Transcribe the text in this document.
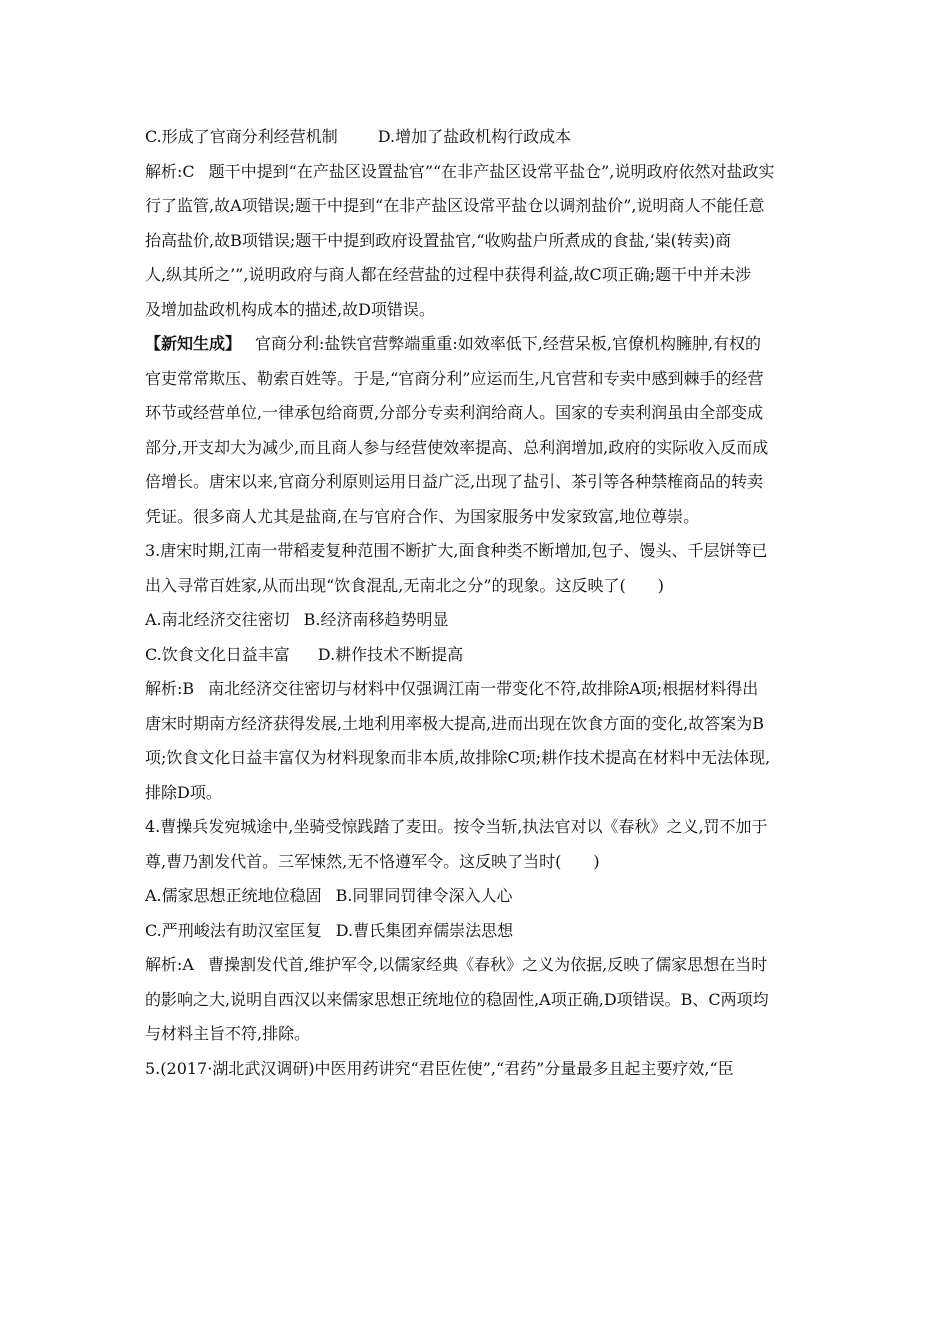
C.形成了官商分利经营机制	D.增加了盐政机构行政成本
解析:C 题干中提到“在产盐区设置盐官”“在非产盐区设常平盐仓”,说明政府依然对盐政实
行了监管,故A项错误;题干中提到“在非产盐区设常平盐仓以调剂盐价”,说明商人不能任意
抬高盐价,故B项错误;题干中提到政府设置盐官,“收购盐户所煮成的食盐,‘粜(转卖)商
人,纵其所之’”,说明政府与商人都在经营盐的过程中获得利益,故C项正确;题干中并未涉
及增加盐政机构成本的描述,故D项错误。
【新知生成】 官商分利:盐铁官营弊端重重:如效率低下,经营呆板,官僚机构臃肿,有权的
官吏常常欺压、勒索百姓等。于是,“官商分利”应运而生,凡官营和专卖中感到棘手的经营
环节或经营单位,一律承包给商贾,分部分专卖利润给商人。国家的专卖利润虽由全部变成
部分,开支却大为减少,而且商人参与经营使效率提高、总利润增加,政府的实际收入反而成
倍增长。唐宋以来,官商分利原则运用日益广泛,出现了盐引、茶引等各种禁榷商品的转卖
凭证。很多商人尤其是盐商,在与官府合作、为国家服务中发家致富,地位尊崇。
3.唐宋时期,江南一带稻麦复种范围不断扩大,面食种类不断增加,包子、馒头、千层饼等已
出入寻常百姓家,从而出现“饮食混乱,无南北之分”的现象。这反映了(　　)
A.南北经济交往密切 B.经济南移趋势明显
C.饮食文化日益丰富 D.耕作技术不断提高
解析:B 南北经济交往密切与材料中仅强调江南一带变化不符,故排除A项;根据材料得出
唐宋时期南方经济获得发展,土地利用率极大提高,进而出现在饮食方面的变化,故答案为B
项;饮食文化日益丰富仅为材料现象而非本质,故排除C项;耕作技术提高在材料中无法体现,
排除D项。
4.曹操兵发宛城途中,坐骑受惊践踏了麦田。按令当斩,执法官对以《春秋》之义,罚不加于
尊,曹乃割发代首。三军悚然,无不恪遵军令。这反映了当时(　　)
A.儒家思想正统地位稳固 B.同罪同罚律令深入人心
C.严刑峻法有助汉室匡复 D.曹氏集团弃儒崇法思想
解析:A 曹操割发代首,维护军令,以儒家经典《春秋》之义为依据,反映了儒家思想在当时
的影响之大,说明自西汉以来儒家思想正统地位的稳固性,A项正确,D项错误。B、C两项均
与材料主旨不符,排除。
5.(2017·湖北武汉调研)中医用药讲究“君臣佐使”,“君药”分量最多且起主要疗效,“臣
